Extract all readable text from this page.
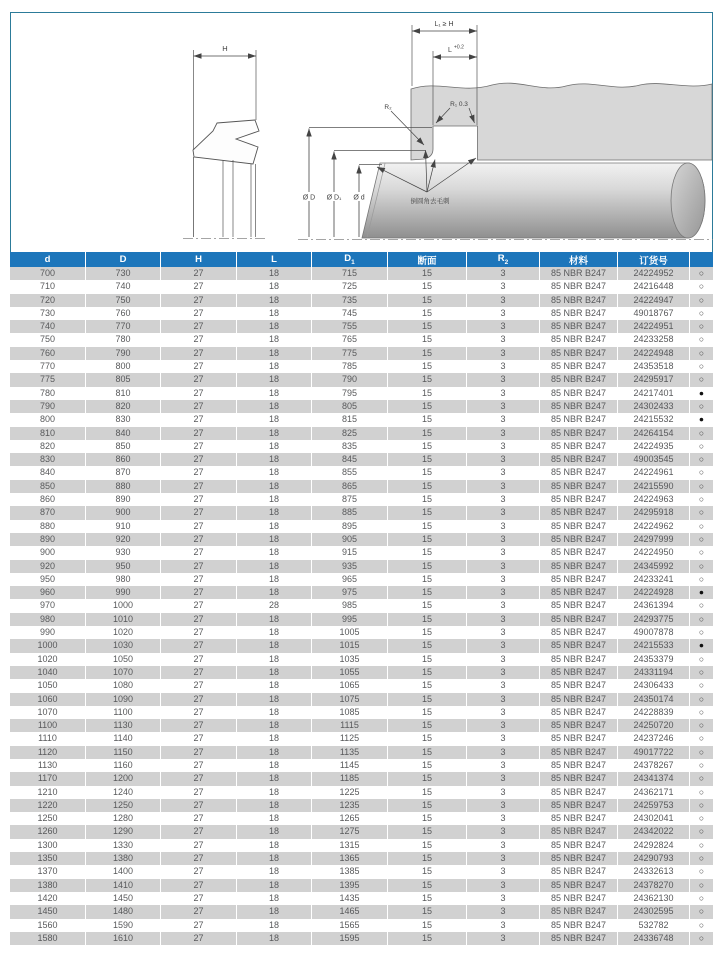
H
L₁ ≥ H
L +0.2
R₁ 0.3
R₂
Ø D Ø D₁ Ø d	倒圆角去毛刺
d	D	H	L	$D_1$	断面	$R_2$	材料	订货号	
700	730	27	18	715	15	3	85 NBR B247	24224952	○
710	740	27	18	725	15	3	85 NBR B247	24216448	○
720	750	27	18	735	15	3	85 NBR B247	24224947	○
730	760	27	18	745	15	3	85 NBR B247	49018767	○
740	770	27	18	755	15	3	85 NBR B247	24224951	○
750	780	27	18	765	15	3	85 NBR B247	24233258	○
760	790	27	18	775	15	3	85 NBR B247	24224948	○
770	800	27	18	785	15	3	85 NBR B247	24353518	○
775	805	27	18	790	15	3	85 NBR B247	24295917	○
780	810	27	18	795	15	3	85 NBR B247	24217401	●
790	820	27	18	805	15	3	85 NBR B247	24302433	○
800	830	27	18	815	15	3	85 NBR B247	24215532	●
810	840	27	18	825	15	3	85 NBR B247	24264154	○
820	850	27	18	835	15	3	85 NBR B247	24224935	○
830	860	27	18	845	15	3	85 NBR B247	49003545	○
840	870	27	18	855	15	3	85 NBR B247	24224961	○
850	880	27	18	865	15	3	85 NBR B247	24215590	○
860	890	27	18	875	15	3	85 NBR B247	24224963	○
870	900	27	18	885	15	3	85 NBR B247	24295918	○
880	910	27	18	895	15	3	85 NBR B247	24224962	○
890	920	27	18	905	15	3	85 NBR B247	24297999	○
900	930	27	18	915	15	3	85 NBR B247	24224950	○
920	950	27	18	935	15	3	85 NBR B247	24345992	○
950	980	27	18	965	15	3	85 NBR B247	24233241	○
960	990	27	18	975	15	3	85 NBR B247	24224928	●
970	1000	27	28	985	15	3	85 NBR B247	24361394	○
980	1010	27	18	995	15	3	85 NBR B247	24293775	○
990	1020	27	18	1005	15	3	85 NBR B247	49007878	○
1000	1030	27	18	1015	15	3	85 NBR B247	24215533	●
1020	1050	27	18	1035	15	3	85 NBR B247	24353379	○
1040	1070	27	18	1055	15	3	85 NBR B247	24331194	○
1050	1080	27	18	1065	15	3	85 NBR B247	24306433	○
1060	1090	27	18	1075	15	3	85 NBR B247	24350174	○
1070	1100	27	18	1085	15	3	85 NBR B247	24228839	○
1100	1130	27	18	1115	15	3	85 NBR B247	24250720	○
1110	1140	27	18	1125	15	3	85 NBR B247	24237246	○
1120	1150	27	18	1135	15	3	85 NBR B247	49017722	○
1130	1160	27	18	1145	15	3	85 NBR B247	24378267	○
1170	1200	27	18	1185	15	3	85 NBR B247	24341374	○
1210	1240	27	18	1225	15	3	85 NBR B247	24362171	○
1220	1250	27	18	1235	15	3	85 NBR B247	24259753	○
1250	1280	27	18	1265	15	3	85 NBR B247	24302041	○
1260	1290	27	18	1275	15	3	85 NBR B247	24342022	○
1300	1330	27	18	1315	15	3	85 NBR B247	24292824	○
1350	1380	27	18	1365	15	3	85 NBR B247	24290793	○
1370	1400	27	18	1385	15	3	85 NBR B247	24332613	○
1380	1410	27	18	1395	15	3	85 NBR B247	24378270	○
1420	1450	27	18	1435	15	3	85 NBR B247	24362130	○
1450	1480	27	18	1465	15	3	85 NBR B247	24302595	○
1560	1590	27	18	1565	15	3	85 NBR B247	532782	○
1580	1610	27	18	1595	15	3	85 NBR B247	24336748	○
